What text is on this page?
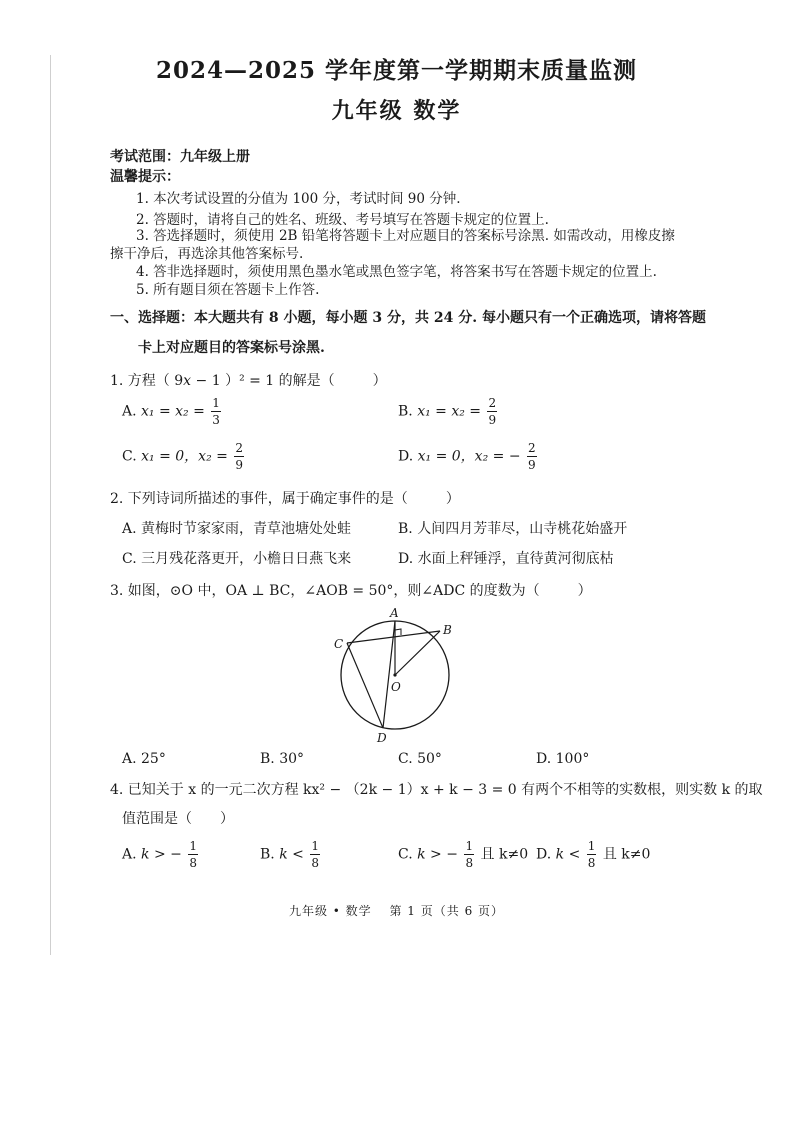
2024—2025 学年度第一学期期末质量监测
九年级 数学
考试范围：九年级上册
温馨提示：
1. 本次考试设置的分值为 100 分，考试时间 90 分钟.
2. 答题时，请将自己的姓名、班级、考号填写在答题卡规定的位置上.
3. 答选择题时，须使用 2B 铅笔将答题卡上对应题目的答案标号涂黑. 如需改动，用橡皮擦
擦干净后，再选涂其他答案标号.
4. 答非选择题时，须使用黑色墨水笔或黑色签字笔，将答案书写在答题卡规定的位置上.
5. 所有题目须在答题卡上作答.
一、选择题：本大题共有 8 小题，每小题 3 分，共 24 分. 每小题只有一个正确选项，请将答题
卡上对应题目的答案标号涂黑.
1. 方程（ 9x − 1 ）² = 1 的解是（	）
A. $x_1 = x_2 = \frac{1}{3}$	B. $x_1 = x_2 = \frac{2}{9}$
C. x₁ = 0，$x_2 = \frac{2}{9}$	D. x₁ = 0，x₂ = − $\frac{2}{9}$
2. 下列诗词所描述的事件，属于确定事件的是（	）
A. 黄梅时节家家雨，青草池塘处处蛙	B. 人间四月芳菲尽，山寺桃花始盛开
C. 三月残花落更开，小檐日日燕飞来	D. 水面上秤锤浮，直待黄河彻底枯
3. 如图，⊙O 中，OA ⊥ BC，∠AOB = 50°，则∠ADC 的度数为（	）
A
B
C
D
O
A. 25°	B. 30°	C. 50°	D. 100°
4. 已知关于 x 的一元二次方程 kx² − （2k − 1）x + k − 3 = 0 有两个不相等的实数根，则实数 k 的取
值范围是（ ）
A. k > − $\frac{1}{8}$	B. $k < \frac{1}{8}$	C. k > − $\frac{1}{8}$ 且 k≠0 D. $k < \frac{1}{8}$ 且 k≠0
九年级 • 数学　 第 1 页（共 6 页）
